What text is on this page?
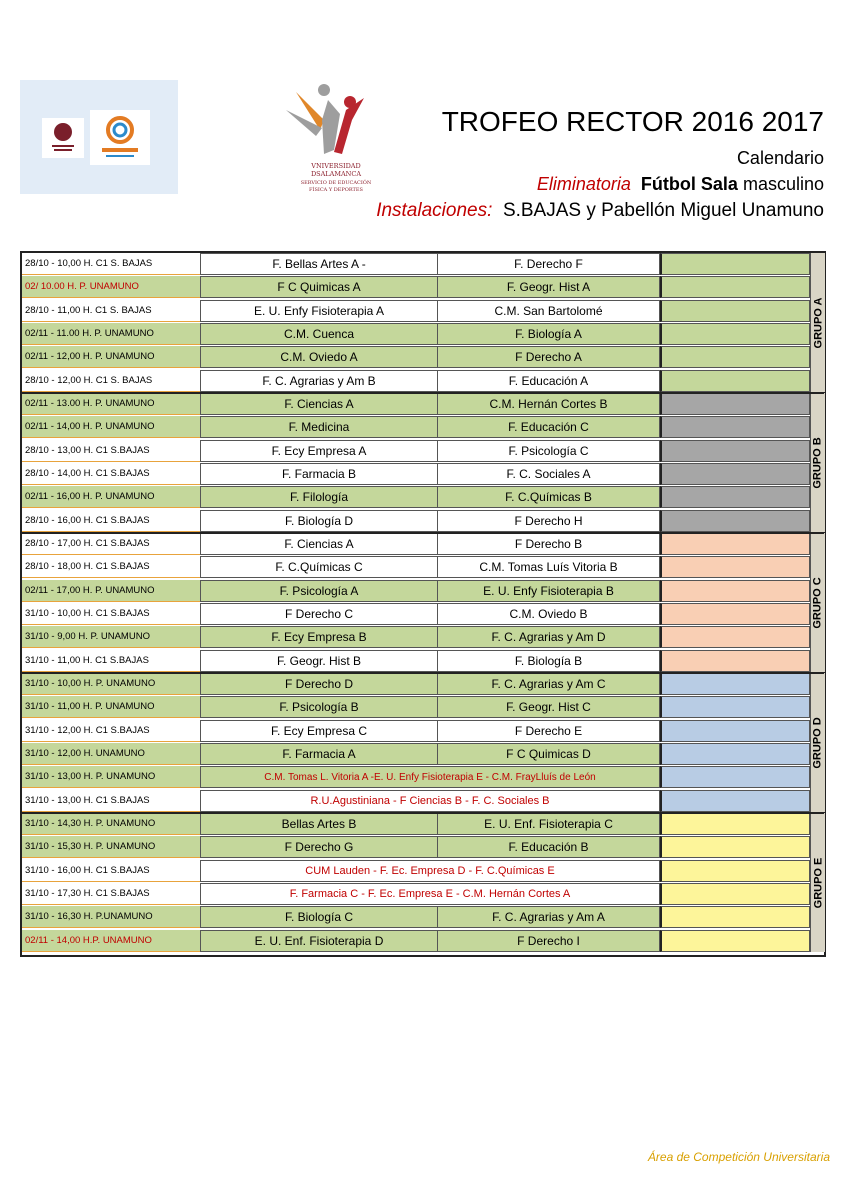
VNIVERSIDAD
DSALAMANCA
SERVICIO DE EDUCACIÓN
FÍSICA Y DEPORTES
TROFEO RECTOR 2016 2017
Calendario
Eliminatoria Fútbol Sala masculino
Instalaciones: S.BAJAS y Pabellón Miguel Unamuno
28/10 - 10,00 H. C1 S. BAJAS	F. Bellas Artes A -	F. Derecho F
02/ 10.00 H. P. UNAMUNO	F C Quimicas A	F. Geogr. Hist A
28/10 - 11,00 H. C1 S. BAJAS	E. U. Enfy Fisioterapia A	C.M. San Bartolomé
02/11 - 11.00 H. P. UNAMUNO	C.M. Cuenca	F. Biología A
02/11 - 12,00 H. P. UNAMUNO	C.M. Oviedo A	F Derecho A
28/10 - 12,00 H. C1 S. BAJAS	F. C. Agrarias y Am B	F. Educación A
GRUPO A
02/11 - 13.00 H. P. UNAMUNO	F. Ciencias A	C.M. Hernán Cortes B
02/11 - 14,00 H. P. UNAMUNO	F. Medicina	F. Educación C
28/10 - 13,00 H. C1 S.BAJAS	F. Ecy Empresa A	F. Psicología C
28/10 - 14,00 H. C1 S.BAJAS	F. Farmacia B	F. C. Sociales A
02/11 - 16,00 H. P. UNAMUNO	F. Filología	F. C.Químicas B
28/10 - 16,00 H. C1 S.BAJAS	F. Biología D	F Derecho H
GRUPO B
28/10 - 17,00 H. C1 S.BAJAS	F. Ciencias A	F Derecho B
28/10 - 18,00 H. C1 S.BAJAS	F. C.Químicas C	C.M. Tomas Luís Vitoria B
02/11 - 17,00 H. P. UNAMUNO	F. Psicología A	E. U. Enfy Fisioterapia B
31/10 - 10,00 H. C1 S.BAJAS	F Derecho C	C.M. Oviedo B
31/10 - 9,00 H. P. UNAMUNO	F. Ecy Empresa B	F. C. Agrarias y Am D
31/10 - 11,00 H. C1 S.BAJAS	F. Geogr. Hist B	F. Biología B
GRUPO C
31/10 - 10,00 H. P. UNAMUNO	F Derecho D	F. C. Agrarias y Am C
31/10 - 11,00 H. P. UNAMUNO	F. Psicología B	F. Geogr. Hist C
31/10 - 12,00 H. C1 S.BAJAS	F. Ecy Empresa C	F Derecho E
31/10 - 12,00 H. UNAMUNO	F. Farmacia A	F C Quimicas D
31/10 - 13,00 H. P. UNAMUNO	C.M. Tomas L. Vitoria A -E. U. Enfy Fisioterapia E - C.M. FrayLluís de León
31/10 - 13,00 H. C1 S.BAJAS	R.U.Agustiniana - F Ciencias B - F. C. Sociales B
GRUPO D
31/10 - 14,30 H. P. UNAMUNO	Bellas Artes B	E. U. Enf. Fisioterapia C
31/10 - 15,30 H. P. UNAMUNO	F Derecho G	F. Educación B
31/10 - 16,00 H. C1 S.BAJAS	CUM Lauden - F. Ec. Empresa D - F. C.Químicas E
31/10 - 17,30 H. C1 S.BAJAS	F. Farmacia C - F. Ec. Empresa E - C.M. Hernán Cortes A
31/10 - 16,30 H. P.UNAMUNO	F. Biología C	F. C. Agrarias y Am A
02/11 - 14,00 H.P. UNAMUNO	E. U. Enf. Fisioterapia D	F Derecho I
GRUPO E
Área de Competición Universitaria
